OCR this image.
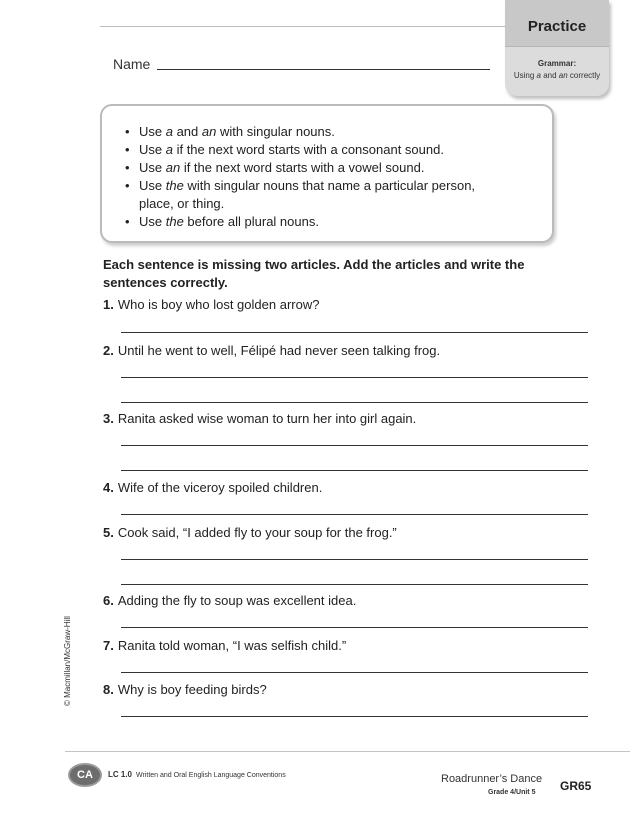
Name
Practice
Grammar:
Using a and an correctly
• Use a and an with singular nouns.
• Use a if the next word starts with a consonant sound.
• Use an if the next word starts with a vowel sound.
• Use the with singular nouns that name a particular person,
place, or thing.
• Use the before all plural nouns.
Each sentence is missing two articles. Add the articles and write the sentences correctly.
1. Who is boy who lost golden arrow?
2. Until he went to well, Félipé had never seen talking frog.
3. Ranita asked wise woman to turn her into girl again.
4. Wife of the viceroy spoiled children.
5. Cook said, “I added fly to your soup for the frog.”
6. Adding the fly to soup was excellent idea.
7. Ranita told woman, “I was selfish child.”
8. Why is boy feeding birds?
© Macmillan/McGraw-Hill
CA	LC 1.0 Written and Oral English Language Conventions	Roadrunner’s Dance
Grade 4/Unit 5 GR65
